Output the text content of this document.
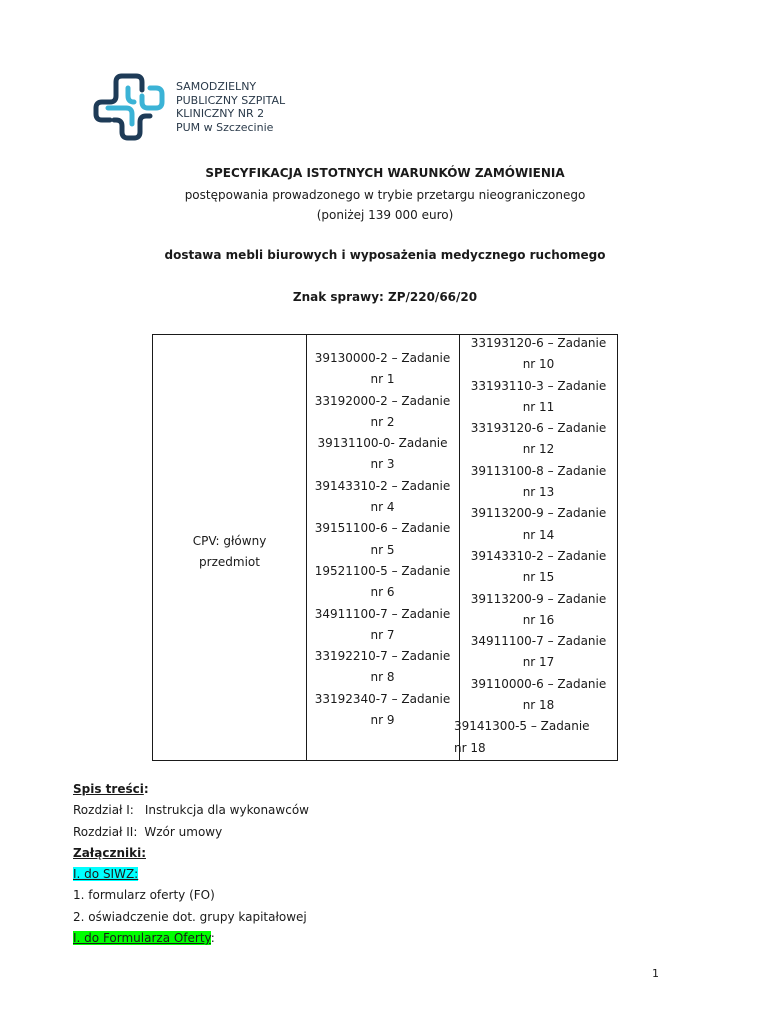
SAMODZIELNY
PUBLICZNY SZPITAL
KLINICZNY NR 2
PUM w Szczecinie
SPECYFIKACJA ISTOTNYCH WARUNKÓW ZAMÓWIENIA
postępowania prowadzonego w trybie przetargu nieograniczonego
(poniżej 139 000 euro)
dostawa mebli biurowych i wyposażenia medycznego ruchomego
Znak sprawy: ZP/220/66/20
CPV: główny
przedmiot
39130000-2 – Zadanie
nr 1
33192000-2 – Zadanie
nr 2
39131100-0- Zadanie
nr 3
39143310-2 – Zadanie
nr 4
39151100-6 – Zadanie
nr 5
19521100-5 – Zadanie
nr 6
34911100-7 – Zadanie
nr 7
33192210-7 – Zadanie
nr 8
33192340-7 – Zadanie
nr 9
33193120-6 – Zadanie
nr 10
33193110-3 – Zadanie
nr 11
33193120-6 – Zadanie
nr 12
39113100-8 – Zadanie
nr 13
39113200-9 – Zadanie
nr 14
39143310-2 – Zadanie
nr 15
39113200-9 – Zadanie
nr 16
34911100-7 – Zadanie
nr 17
39110000-6 – Zadanie
nr 18
39141300-5 – Zadanie
nr 18
Spis treści:
Rozdział I: Instrukcja dla wykonawców
Rozdział II: Wzór umowy
Załączniki:
I. do SIWZ:
1. formularz oferty (FO)
2. oświadczenie dot. grupy kapitałowej
I. do Formularza Oferty:
1
